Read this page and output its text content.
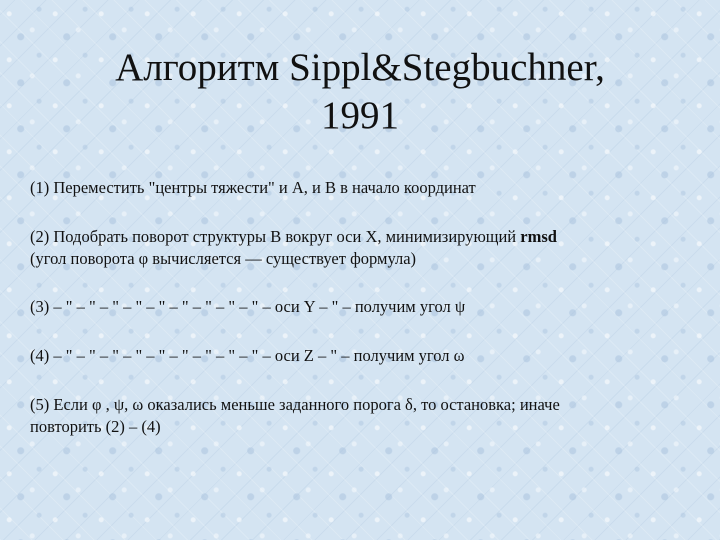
Алгоритм Sippl&Stegbuchner,
1991

(1) Переместить "центры тяжести" и А, и В в начало координат

(2) Подобрать поворот структуры В вокруг оси X, минимизирующий rmsd

(угол поворота φ вычисляется — существует формула)

(3) – " – " – " – " – " – " – " – " – " – оси Y – " – получим угол ψ

(4) – " – " – " – " – " – " – " – " – " – оси Z – " – получим угол ω

(5) Если φ , ψ, ω оказались меньше заданного порога δ, то остановка; иначе

повторить (2) – (4)
